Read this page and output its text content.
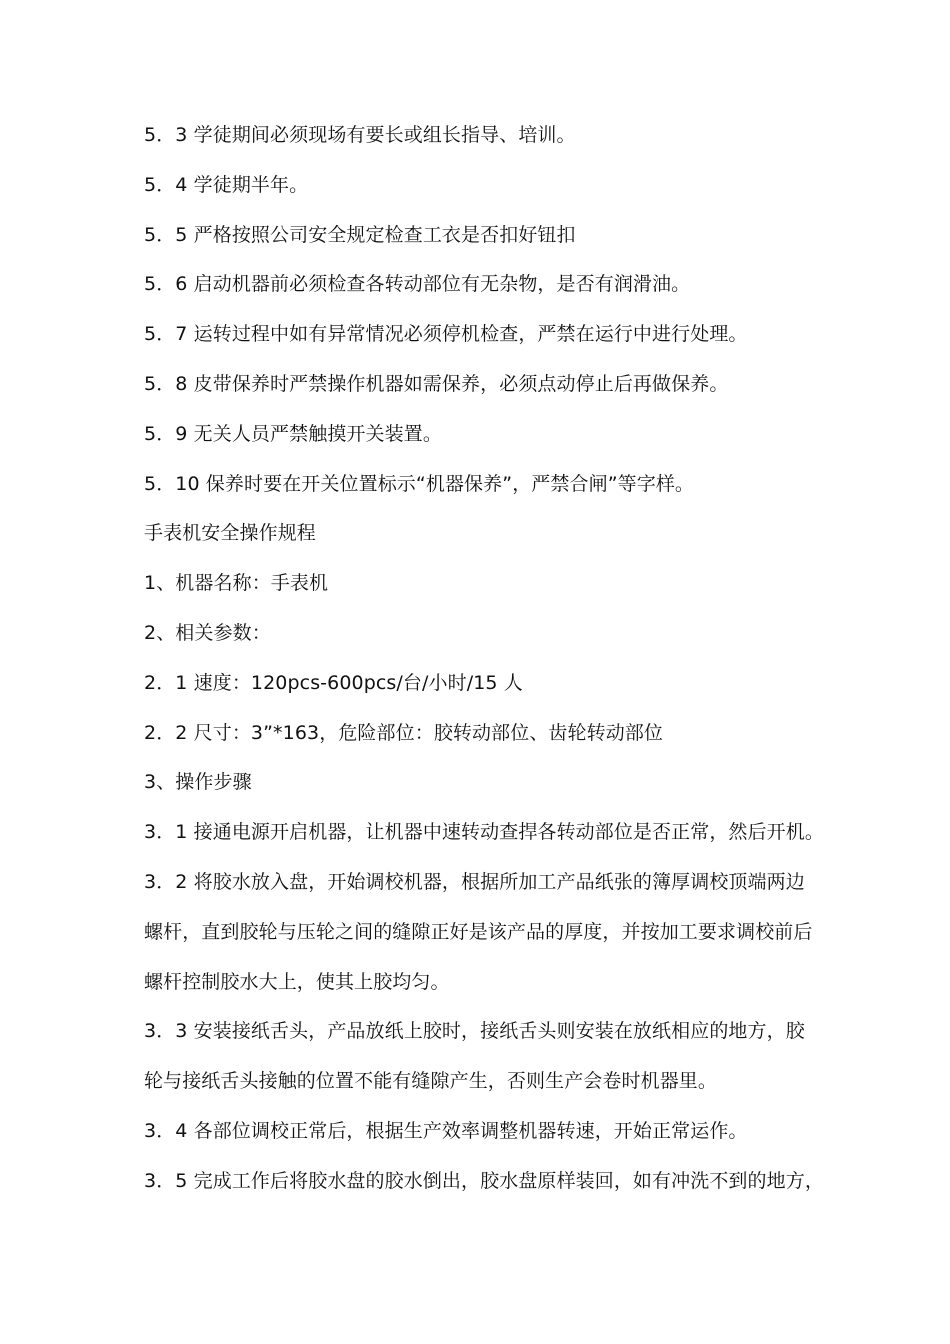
5．3 学徒期间必须现场有要长或组长指导、培训。
5．4 学徒期半年。
5．5 严格按照公司安全规定检查工衣是否扣好钮扣
5．6 启动机器前必须检查各转动部位有无杂物，是否有润滑油。
5．7 运转过程中如有异常情况必须停机检查，严禁在运行中进行处理。
5．8 皮带保养时严禁操作机器如需保养，必须点动停止后再做保养。
5．9 无关人员严禁触摸开关装置。
5．10 保养时要在开关位置标示“机器保养”，严禁合闸”等字样。
手表机安全操作规程
1、机器名称：手表机
2、相关参数：
2．1 速度：120pcs-600pcs/台/小时/15 人
2．2 尺寸：3”*163，危险部位：胶转动部位、齿轮转动部位
3、操作步骤
3．1 接通电源开启机器，让机器中速转动查捍各转动部位是否正常，然后开机。
3．2 将胶水放入盘，开始调校机器，根据所加工产品纸张的簿厚调校顶端两边
螺杆，直到胶轮与压轮之间的缝隙正好是该产品的厚度，并按加工要求调校前后
螺杆控制胶水大上，使其上胶均匀。
3．3 安装接纸舌头，产品放纸上胶时，接纸舌头则安装在放纸相应的地方，胶
轮与接纸舌头接触的位置不能有缝隙产生，否则生产会卷时机器里。
3．4 各部位调校正常后，根据生产效率调整机器转速，开始正常运作。
3．5 完成工作后将胶水盘的胶水倒出，胶水盘原样装回，如有冲洗不到的地方，
